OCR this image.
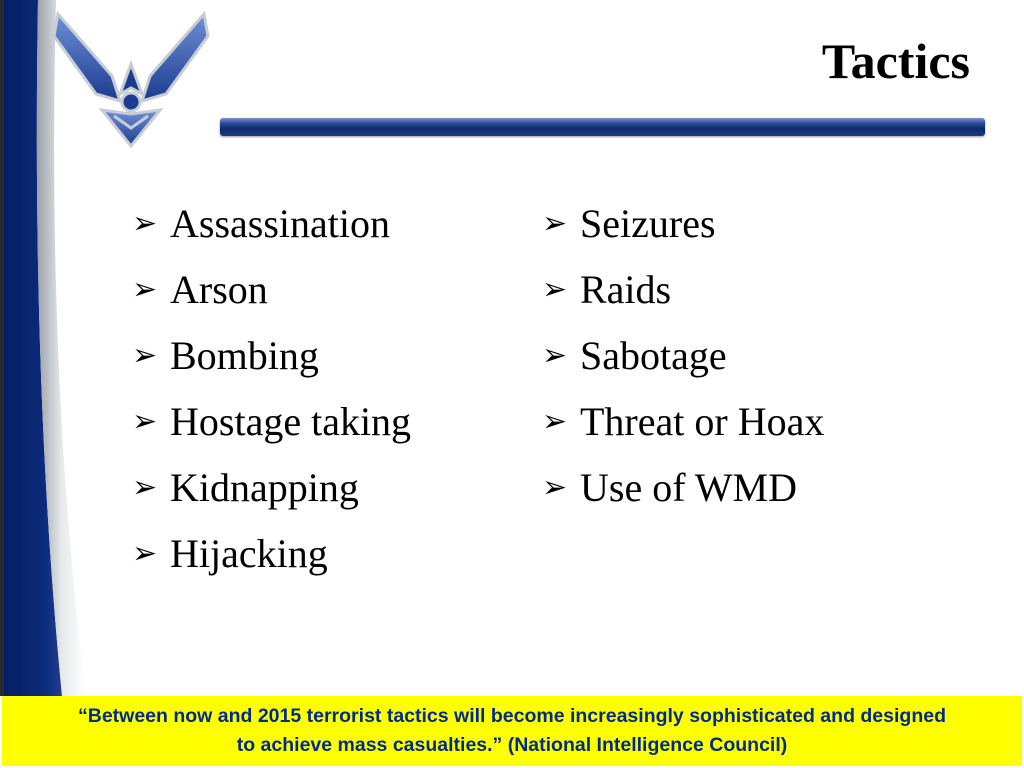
Tactics
➢ Assassination
➢ Arson
➢ Bombing
➢ Hostage taking
➢ Kidnapping
➢ Hijacking
➢ Seizures
➢ Raids
➢ Sabotage
➢ Threat or Hoax
➢ Use of WMD
“Between now and 2015 terrorist tactics will become increasingly sophisticated and designed
to achieve mass casualties.” (National Intelligence Council)
